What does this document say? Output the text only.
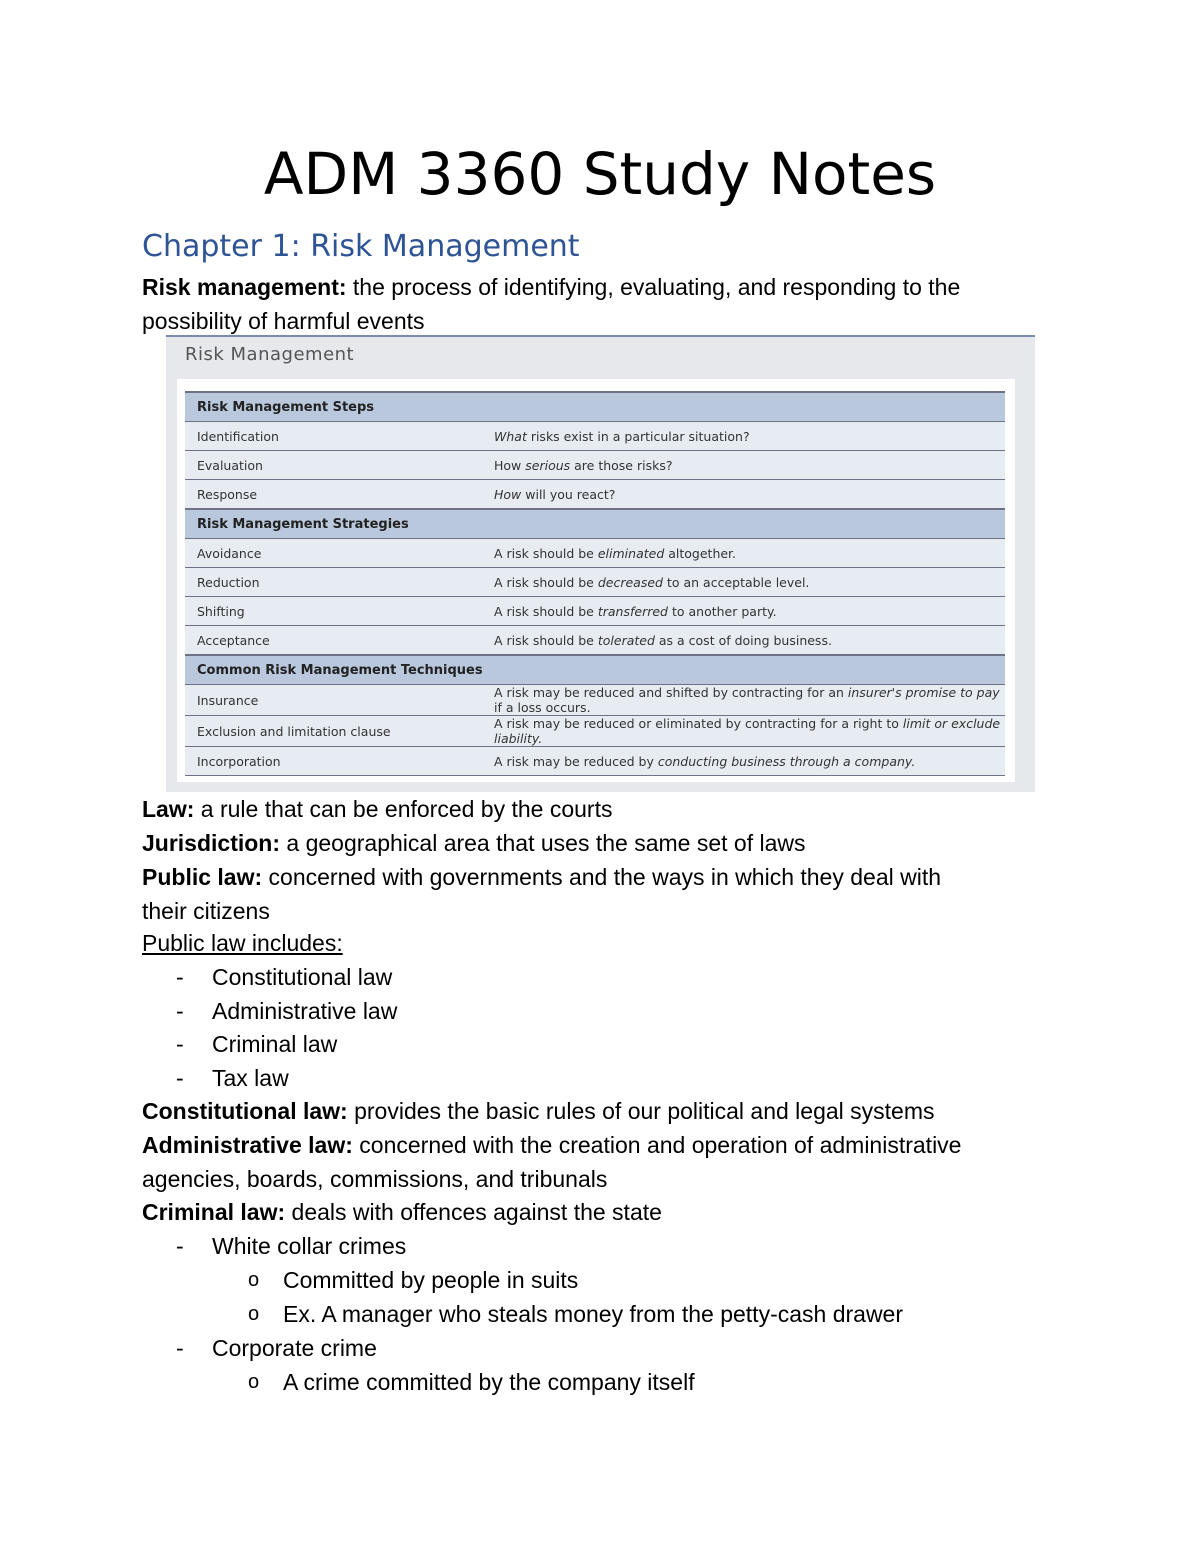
ADM 3360 Study Notes
Chapter 1: Risk Management
Risk management: the process of identifying, evaluating, and responding to the
possibility of harmful events
Risk Management
Risk Management Steps	
Identification	What risks exist in a particular situation?
Evaluation	How serious are those risks?
Response	How will you react?
Risk Management Strategies	
Avoidance	A risk should be eliminated altogether.
Reduction	A risk should be decreased to an acceptable level.
Shifting	A risk should be transferred to another party.
Acceptance	A risk should be tolerated as a cost of doing business.
Common Risk Management Techniques	
Insurance	A risk may be reduced and shifted by contracting for an insurer's promise to pay if a loss occurs.
Exclusion and limitation clause	A risk may be reduced or eliminated by contracting for a right to limit or exclude liability.
Incorporation	A risk may be reduced by conducting business through a company.
Law: a rule that can be enforced by the courts
Jurisdiction: a geographical area that uses the same set of laws
Public law: concerned with governments and the ways in which they deal with
their citizens
Public law includes:
- Constitutional law
- Administrative law
- Criminal law
- Tax law
Constitutional law: provides the basic rules of our political and legal systems
Administrative law: concerned with the creation and operation of administrative
agencies, boards, commissions, and tribunals
Criminal law: deals with offences against the state
- White collar crimes
o Committed by people in suits
o Ex. A manager who steals money from the petty-cash drawer
- Corporate crime
o A crime committed by the company itself
